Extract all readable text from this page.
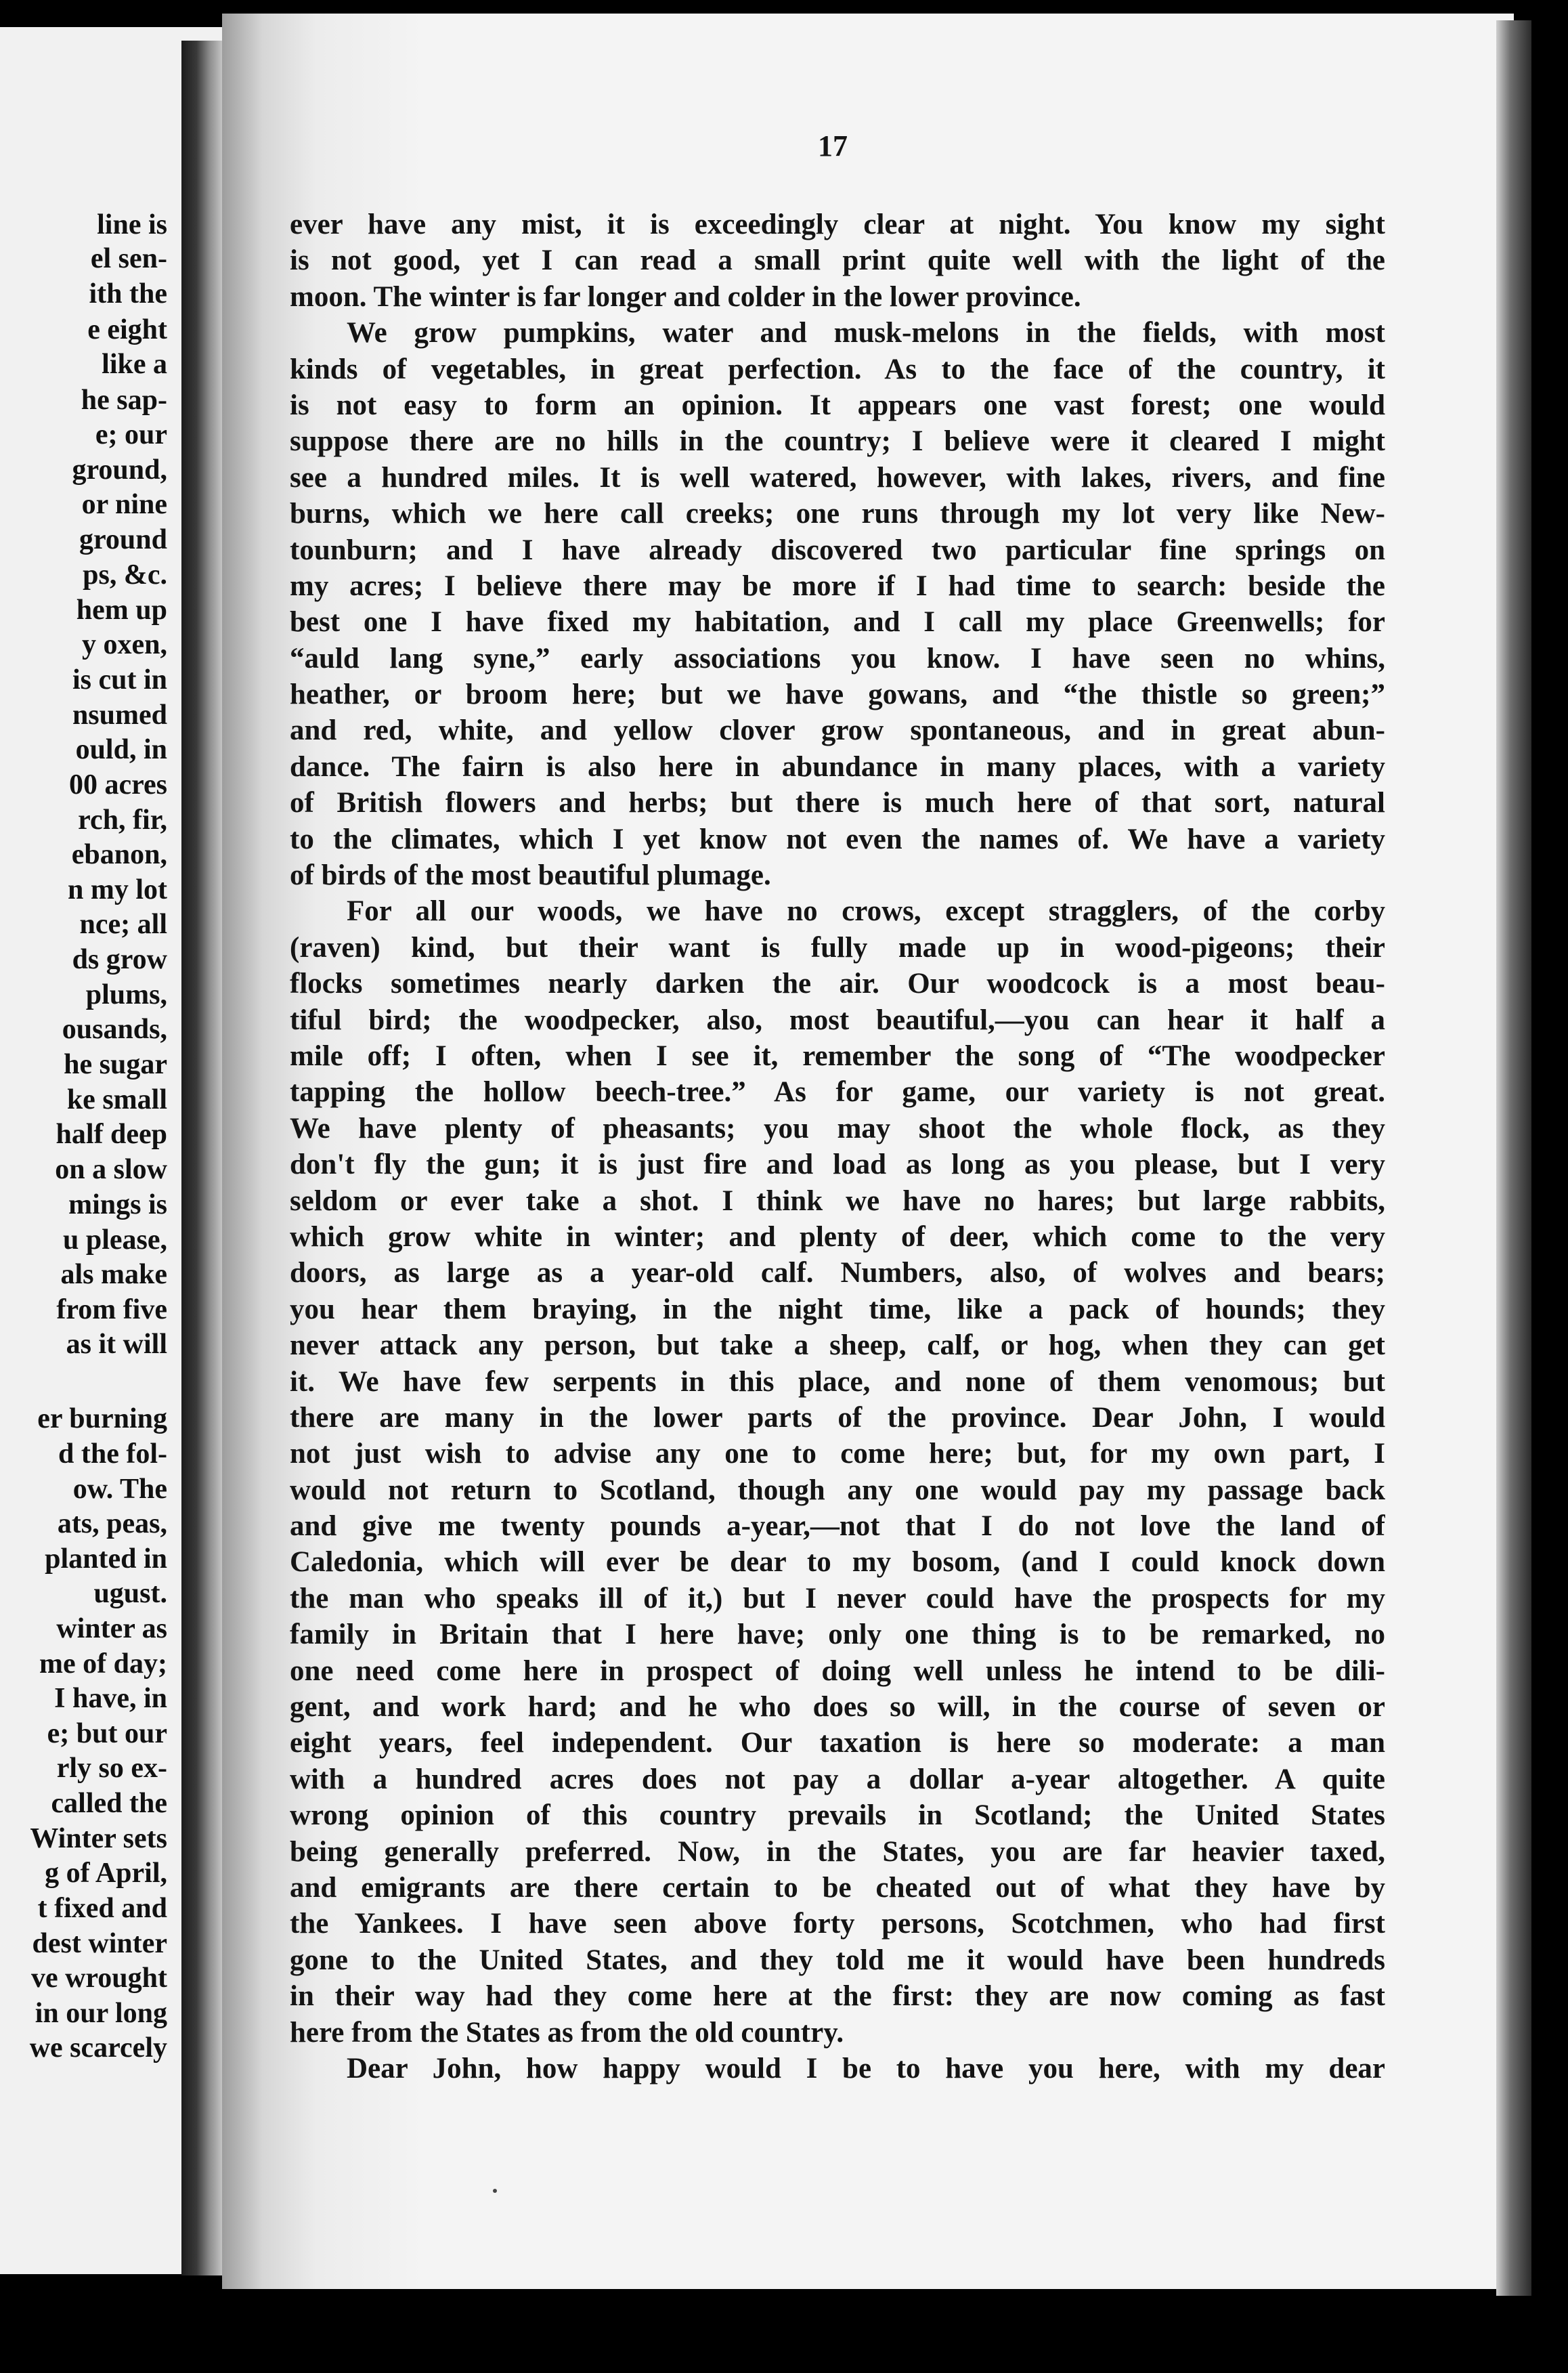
line is
el sen-
ith the
e eight
like a
he sap-
e; our
ground,
or nine
ground
ps, &c.
hem up
y oxen,
is cut in
nsumed
ould, in
00 acres
rch, fir,
ebanon,
n my lot
nce; all
ds grow
plums,
ousands,
he sugar
ke small
half deep
on a slow
mings is
u please,
als make
from five
as it will
er burning
d the fol-
ow. The
ats, peas,
planted in
ugust.
winter as
me of day;
I have, in
e; but our
rly so ex-
called the
Winter sets
g of April,
t fixed and
dest winter
ve wrought
in our long
we scarcely
17
ever have any mist, it is exceedingly clear at night. You know my sight
is not good, yet I can read a small print quite well with the light of the
moon. The winter is far longer and colder in the lower province.
We grow pumpkins, water and musk-melons in the fields, with most
kinds of vegetables, in great perfection. As to the face of the country, it
is not easy to form an opinion. It appears one vast forest; one would
suppose there are no hills in the country; I believe were it cleared I might
see a hundred miles. It is well watered, however, with lakes, rivers, and fine
burns, which we here call creeks; one runs through my lot very like New-
tounburn; and I have already discovered two particular fine springs on
my acres; I believe there may be more if I had time to search: beside the
best one I have fixed my habitation, and I call my place Greenwells; for
“auld lang syne,” early associations you know. I have seen no whins,
heather, or broom here; but we have gowans, and “the thistle so green;”
and red, white, and yellow clover grow spontaneous, and in great abun-
dance. The fairn is also here in abundance in many places, with a variety
of British flowers and herbs; but there is much here of that sort, natural
to the climates, which I yet know not even the names of. We have a variety
of birds of the most beautiful plumage.
For all our woods, we have no crows, except stragglers, of the corby
(raven) kind, but their want is fully made up in wood-pigeons; their
flocks sometimes nearly darken the air. Our woodcock is a most beau-
tiful bird; the woodpecker, also, most beautiful,—you can hear it half a
mile off; I often, when I see it, remember the song of “The woodpecker
tapping the hollow beech-tree.” As for game, our variety is not great.
We have plenty of pheasants; you may shoot the whole flock, as they
don't fly the gun; it is just fire and load as long as you please, but I very
seldom or ever take a shot. I think we have no hares; but large rabbits,
which grow white in winter; and plenty of deer, which come to the very
doors, as large as a year-old calf. Numbers, also, of wolves and bears;
you hear them braying, in the night time, like a pack of hounds; they
never attack any person, but take a sheep, calf, or hog, when they can get
it. We have few serpents in this place, and none of them venomous; but
there are many in the lower parts of the province. Dear John, I would
not just wish to advise any one to come here; but, for my own part, I
would not return to Scotland, though any one would pay my passage back
and give me twenty pounds a-year,—not that I do not love the land of
Caledonia, which will ever be dear to my bosom, (and I could knock down
the man who speaks ill of it,) but I never could have the prospects for my
family in Britain that I here have; only one thing is to be remarked, no
one need come here in prospect of doing well unless he intend to be dili-
gent, and work hard; and he who does so will, in the course of seven or
eight years, feel independent. Our taxation is here so moderate: a man
with a hundred acres does not pay a dollar a-year altogether. A quite
wrong opinion of this country prevails in Scotland; the United States
being generally preferred. Now, in the States, you are far heavier taxed,
and emigrants are there certain to be cheated out of what they have by
the Yankees. I have seen above forty persons, Scotchmen, who had first
gone to the United States, and they told me it would have been hundreds
in their way had they come here at the first: they are now coming as fast
here from the States as from the old country.
Dear John, how happy would I be to have you here, with my dear
